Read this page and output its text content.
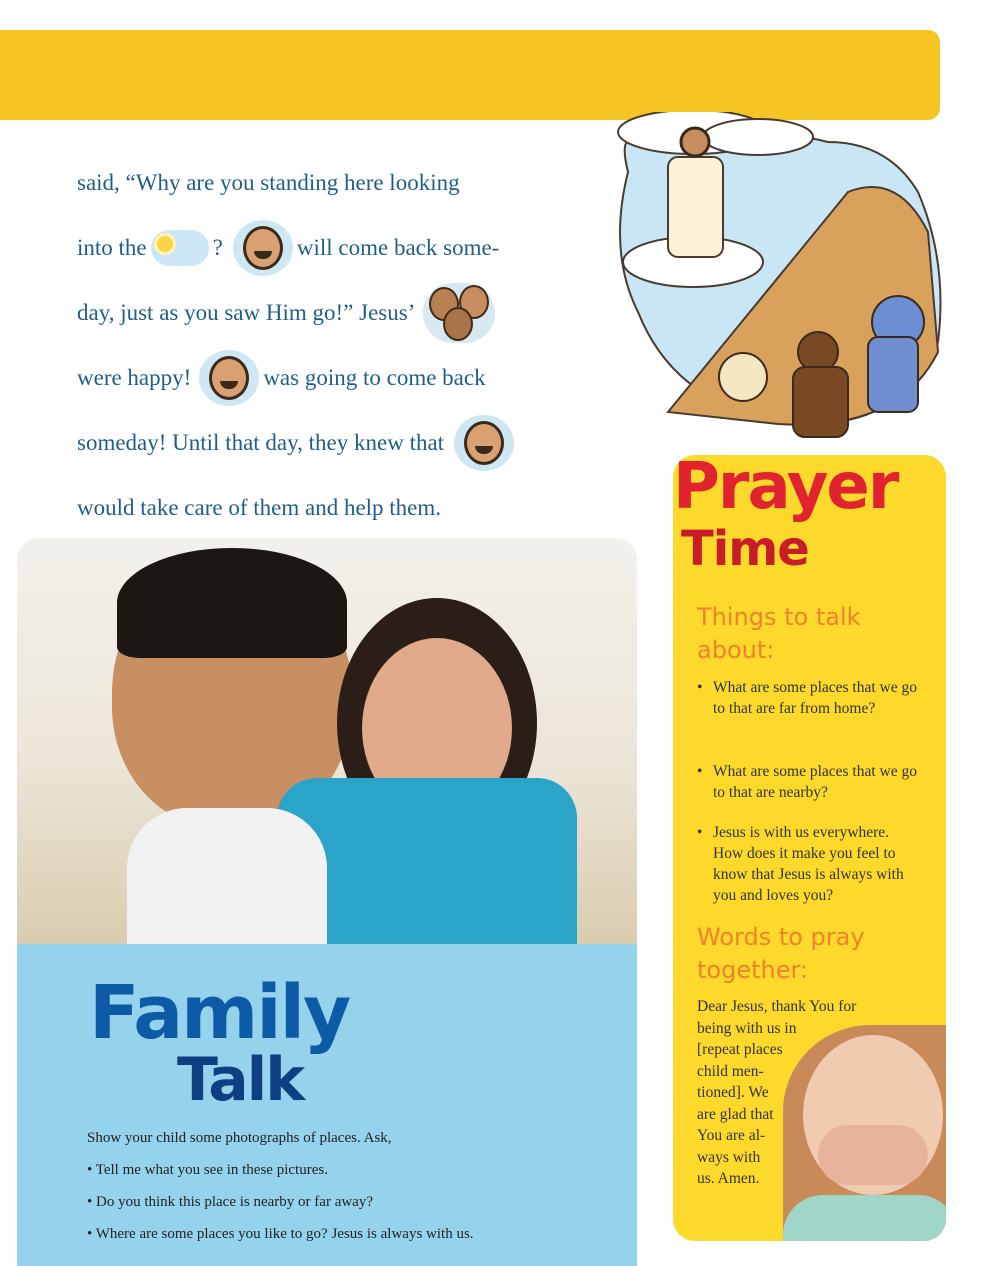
said, “Why are you standing here looking
into the	?	will come back some-
day, just as you saw Him go!” Jesus’
were happy!	was going to come back
someday! Until that day, they knew that
would take care of them and help them.
Family
Talk
Show your child some photographs of places. Ask,
• Tell me what you see in these pictures.
• Do you think this place is nearby or far away?
• Where are some places you like to go? Jesus is always with us.
Prayer
Time
Things to talk about:
• What are some places that we go to that are far from home?
• What are some places that we go to that are nearby?
• Jesus is with us everywhere. How does it make you feel to know that Jesus is always with you and loves you?
Words to pray together:
Dear Jesus, thank You for
being with us in
[repeat places
child men-
tioned]. We
are glad that
You are al-
ways with
us. Amen.
